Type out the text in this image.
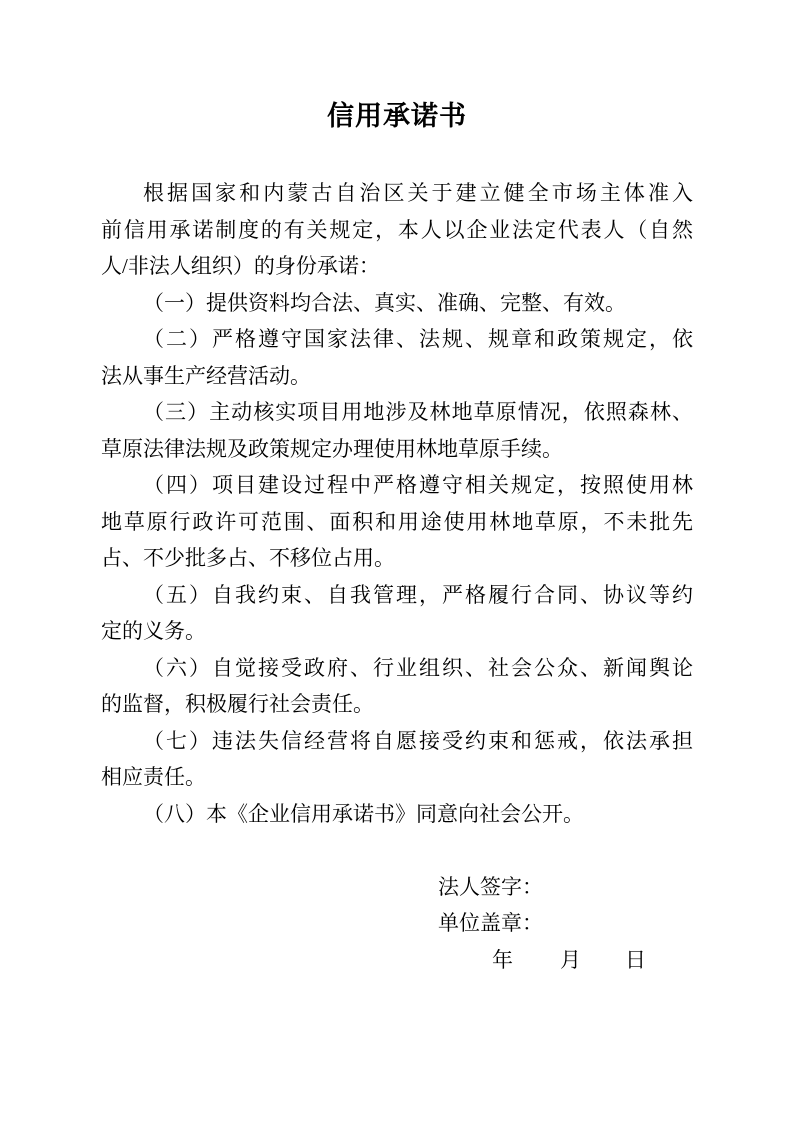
信用承诺书
根据国家和内蒙古自治区关于建立健全市场主体准入
前信用承诺制度的有关规定，本人以企业法定代表人（自然
人/非法人组织）的身份承诺：
（一）提供资料均合法、真实、准确、完整、有效。
（二）严格遵守国家法律、法规、规章和政策规定，依
法从事生产经营活动。
（三）主动核实项目用地涉及林地草原情况，依照森林、
草原法律法规及政策规定办理使用林地草原手续。
（四）项目建设过程中严格遵守相关规定，按照使用林
地草原行政许可范围、面积和用途使用林地草原，不未批先
占、不少批多占、不移位占用。
（五）自我约束、自我管理，严格履行合同、协议等约
定的义务。
（六）自觉接受政府、行业组织、社会公众、新闻舆论
的监督，积极履行社会责任。
（七）违法失信经营将自愿接受约束和惩戒，依法承担
相应责任。
（八）本《企业信用承诺书》同意向社会公开。
法人签字：
单位盖章：
年 月 日
